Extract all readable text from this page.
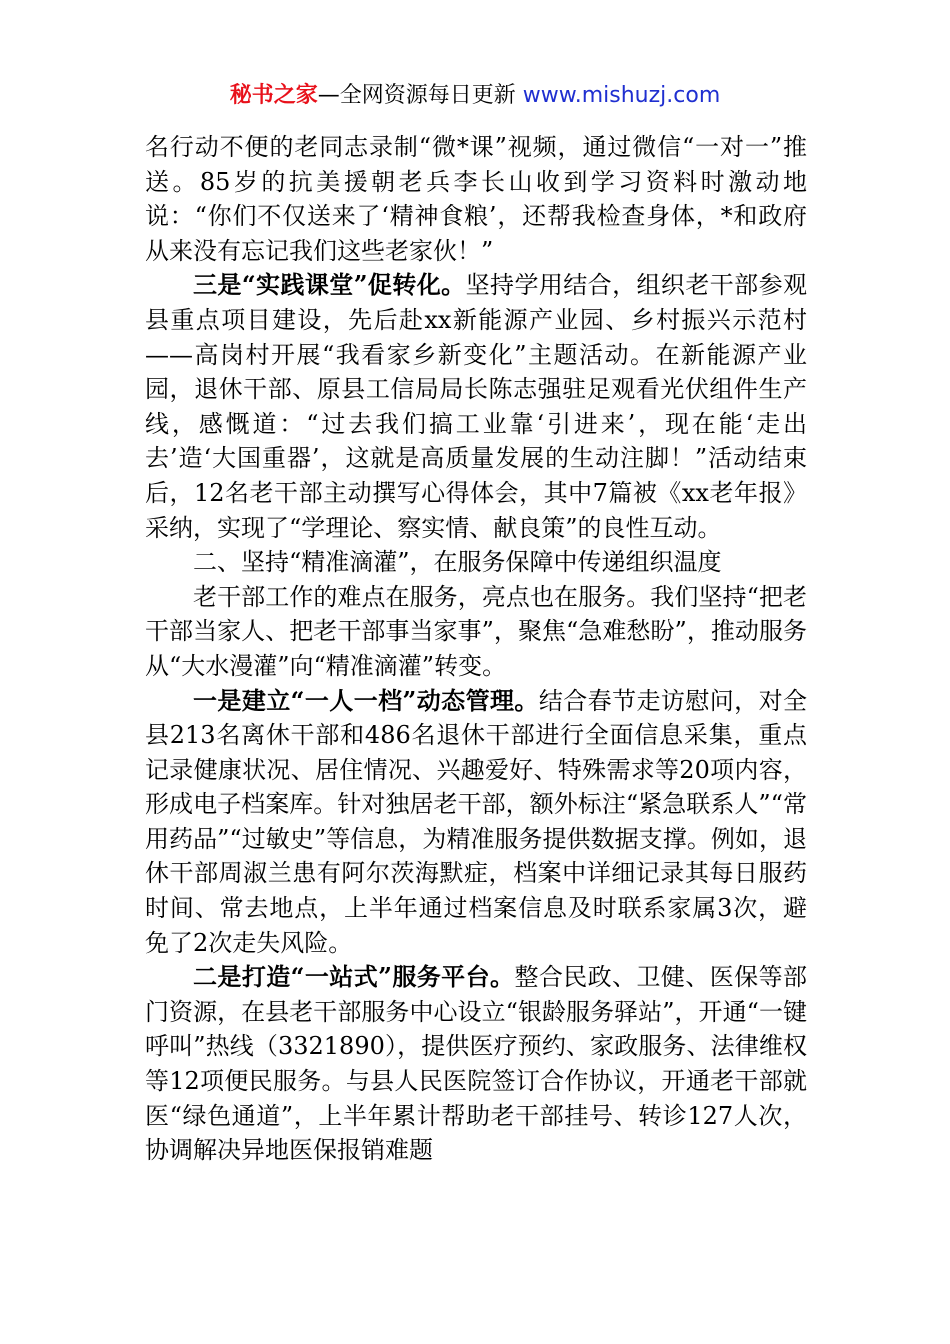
秘书之家—全网资源每日更新 www.mishuzj.com

名行动不便的老同志录制“微*课”视频，通过微信“一对一”推送。85岁的抗美援朝老兵李长山收到学习资料时激动地说：“你们不仅送来了‘精神食粮’，还帮我检查身体，*和政府从来没有忘记我们这些老家伙！”

三是“实践课堂”促转化。坚持学用结合，组织老干部参观县重点项目建设，先后赴xx新能源产业园、乡村振兴示范村——高岗村开展“我看家乡新变化”主题活动。在新能源产业园，退休干部、原县工信局局长陈志强驻足观看光伏组件生产线，感慨道：“过去我们搞工业靠‘引进来’，现在能‘走出去’造‘大国重器’，这就是高质量发展的生动注脚！”活动结束后，12名老干部主动撰写心得体会，其中7篇被《xx老年报》采纳，实现了“学理论、察实情、献良策”的良性互动。

二、坚持“精准滴灌”，在服务保障中传递组织温度

老干部工作的难点在服务，亮点也在服务。我们坚持“把老干部当家人、把老干部事当家事”，聚焦“急难愁盼”，推动服务从“大水漫灌”向“精准滴灌”转变。

一是建立“一人一档”动态管理。结合春节走访慰问，对全县213名离休干部和486名退休干部进行全面信息采集，重点记录健康状况、居住情况、兴趣爱好、特殊需求等20项内容，形成电子档案库。针对独居老干部，额外标注“紧急联系人”“常用药品”“过敏史”等信息，为精准服务提供数据支撑。例如，退休干部周淑兰患有阿尔茨海默症，档案中详细记录其每日服药时间、常去地点，上半年通过档案信息及时联系家属3次，避免了2次走失风险。

二是打造“一站式”服务平台。整合民政、卫健、医保等部门资源，在县老干部服务中心设立“银龄服务驿站”，开通“一键呼叫”热线（3321890），提供医疗预约、家政服务、法律维权等12项便民服务。与县人民医院签订合作协议，开通老干部就医“绿色通道”，上半年累计帮助老干部挂号、转诊127人次，协调解决异地医保报销难题
